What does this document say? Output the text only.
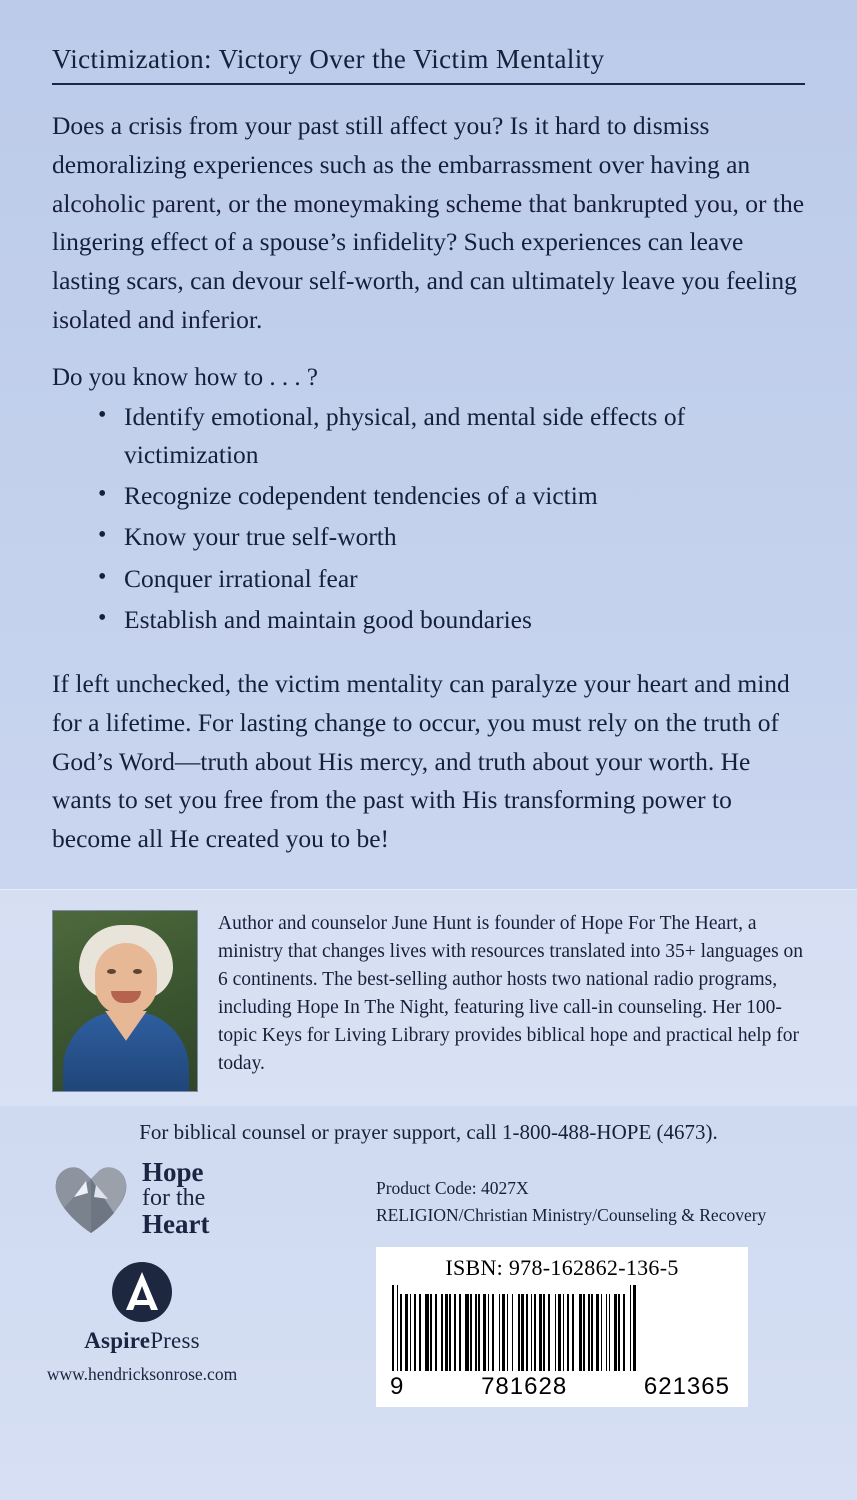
Victimization: Victory Over the Victim Mentality

Does a crisis from your past still affect you? Is it hard to dismiss demoralizing experiences such as the embarrassment over having an alcoholic parent, or the moneymaking scheme that bankrupted you, or the lingering effect of a spouse’s infidelity? Such experiences can leave lasting scars, can devour self-worth, and can ultimately leave you feeling isolated and inferior.

Do you know how to . . . ?
• Identify emotional, physical, and mental side effects of victimization
• Recognize codependent tendencies of a victim
• Know your true self-worth
• Conquer irrational fear
• Establish and maintain good boundaries

If left unchecked, the victim mentality can paralyze your heart and mind for a lifetime. For lasting change to occur, you must rely on the truth of God’s Word—truth about His mercy, and truth about your worth. He wants to set you free from the past with His transforming power to become all He created you to be!

Author and counselor June Hunt is founder of Hope For The Heart, a ministry that changes lives with resources translated into 35+ languages on 6 continents. The best-selling author hosts two national radio programs, including Hope In The Night, featuring live call-in counseling. Her 100-topic Keys for Living Library provides biblical hope and practical help for today.
For biblical counsel or prayer support, call 1-800-488-HOPE (4673).
Hope
for the
Heart
AspirePress
www.hendricksonrose.com
Product Code: 4027X
RELIGION/Christian Ministry/Counseling & Recovery
ISBN: 978-162862-136-5
9	781628	621365
